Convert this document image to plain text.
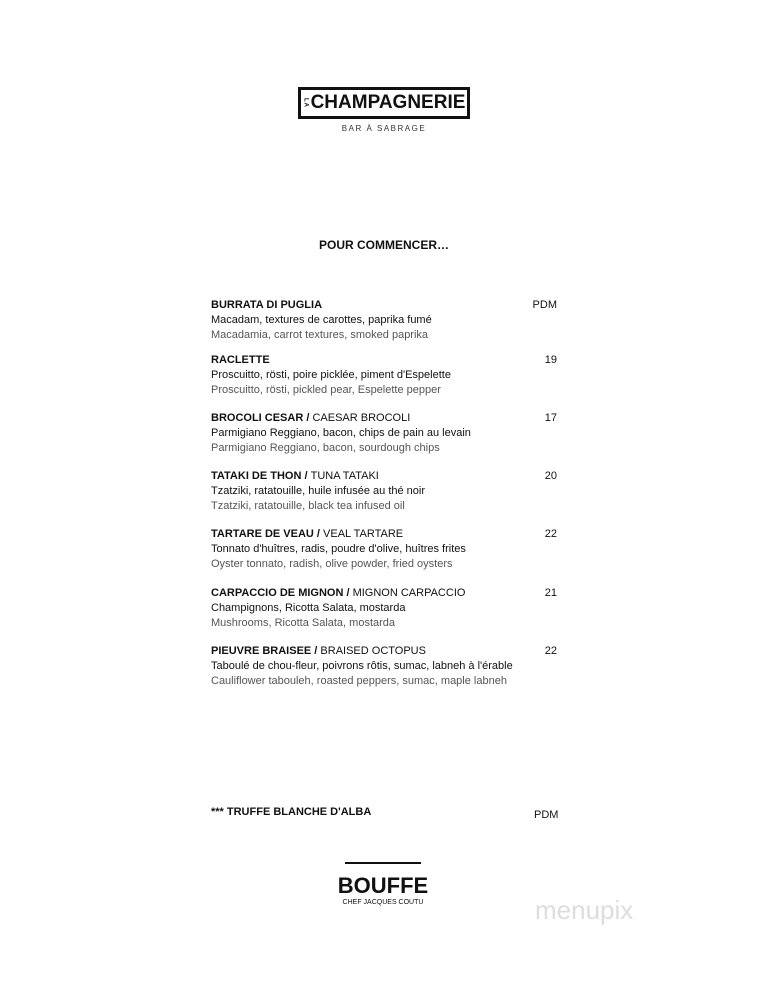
LA CHAMPAGNERIE
BAR À SABRAGE
POUR COMMENCER…
BURRATA DI PUGLIA
Macadam, textures de carottes, paprika fumé
Macadamia, carrot textures, smoked paprika
PDM
RACLETTE
Proscuitto, rösti, poire picklée, piment d'Espelette
Proscuitto, rösti, pickled pear, Espelette pepper
19
BROCOLI CESAR / CAESAR BROCOLI
Parmigiano Reggiano, bacon, chips de pain au levain
Parmigiano Reggiano, bacon, sourdough chips
17
TATAKI DE THON / TUNA TATAKI
Tzatziki, ratatouille, huile infusée au thé noir
Tzatziki, ratatouille, black tea infused oil
20
TARTARE DE VEAU / VEAL TARTARE
Tonnato d'huîtres, radis, poudre d'olive, huîtres frites
Oyster tonnato, radish, olive powder, fried oysters
22
CARPACCIO DE MIGNON / MIGNON CARPACCIO
Champignons, Ricotta Salata, mostarda
Mushrooms, Ricotta Salata, mostarda
21
PIEUVRE BRAISEE / BRAISED OCTOPUS
Taboulé de chou-fleur, poivrons rôtis, sumac, labneh à l'érable
Cauliflower tabouleh, roasted peppers, sumac, maple labneh
22
*** TRUFFE BLANCHE D'ALBA	PDM
BOUFFE
CHEF JACQUES COUTU	menupix
